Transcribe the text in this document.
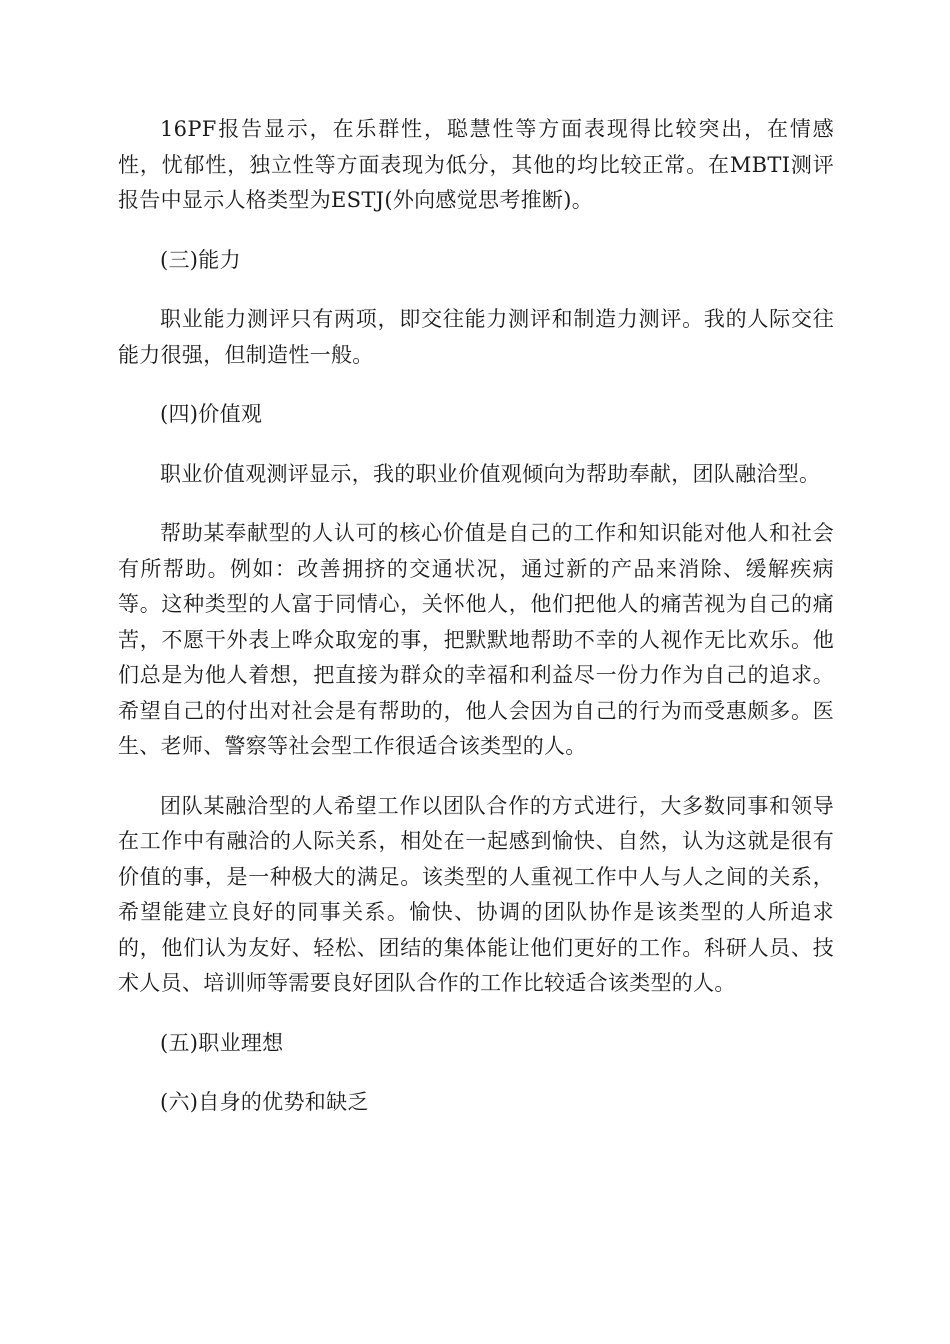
16PF报告显示，在乐群性，聪慧性等方面表现得比较突出，在情感性，忧郁性，独立性等方面表现为低分，其他的均比较正常。在MBTI测评报告中显示人格类型为ESTJ(外向感觉思考推断)。

(三)能力

职业能力测评只有两项，即交往能力测评和制造力测评。我的人际交往能力很强，但制造性一般。

(四)价值观

职业价值观测评显示，我的职业价值观倾向为帮助奉献，团队融洽型。

帮助某奉献型的人认可的核心价值是自己的工作和知识能对他人和社会有所帮助。例如：改善拥挤的交通状况，通过新的产品来消除、缓解疾病等。这种类型的人富于同情心，关怀他人，他们把他人的痛苦视为自己的痛苦，不愿干外表上哗众取宠的事，把默默地帮助不幸的人视作无比欢乐。他们总是为他人着想，把直接为群众的幸福和利益尽一份力作为自己的追求。希望自己的付出对社会是有帮助的，他人会因为自己的行为而受惠颇多。医生、老师、警察等社会型工作很适合该类型的人。

团队某融洽型的人希望工作以团队合作的方式进行，大多数同事和领导在工作中有融洽的人际关系，相处在一起感到愉快、自然，认为这就是很有价值的事，是一种极大的满足。该类型的人重视工作中人与人之间的关系，希望能建立良好的同事关系。愉快、协调的团队协作是该类型的人所追求的，他们认为友好、轻松、团结的集体能让他们更好的工作。科研人员、技术人员、培训师等需要良好团队合作的工作比较适合该类型的人。

(五)职业理想

(六)自身的优势和缺乏
